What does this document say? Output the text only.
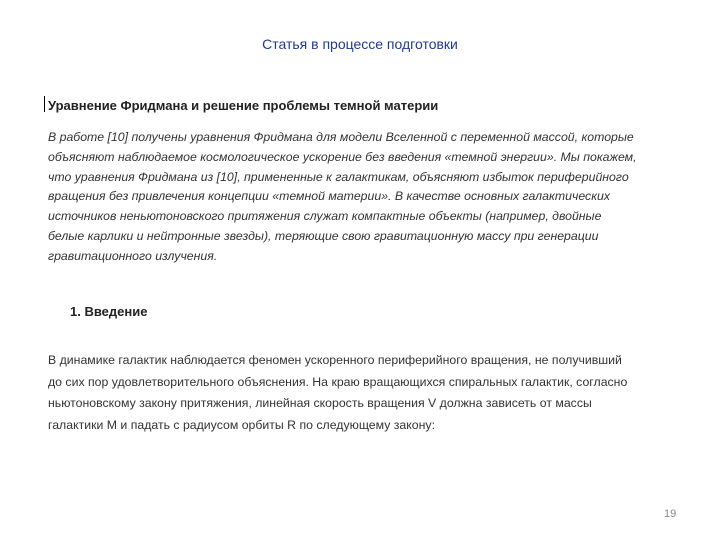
Статья в процессе подготовки
Уравнение Фридмана и решение проблемы темной материи

В работе [10] получены уравнения Фридмана для модели Вселенной с переменной массой, которые
объясняют наблюдаемое космологическое ускорение без введения «темной энергии». Мы покажем,
что уравнения Фридмана из [10], примененные к галактикам, объясняют избыток периферийного
вращения без привлечения концепции «темной материи». В качестве основных галактических
источников неньютоновского притяжения служат компактные объекты (например, двойные
белые карлики и нейтронные звезды), теряющие свою гравитационную массу при генерации
гравитационного излучения.

1. Введение

В динамике галактик наблюдается феномен ускоренного периферийного вращения, не получивший
до сих пор удовлетворительного объяснения. На краю вращающихся спиральных галактик, согласно
ньютоновскому закону притяжения, линейная скорость вращения V должна зависеть от массы
галактики M и падать с радиусом орбиты R по следующему закону:

19
